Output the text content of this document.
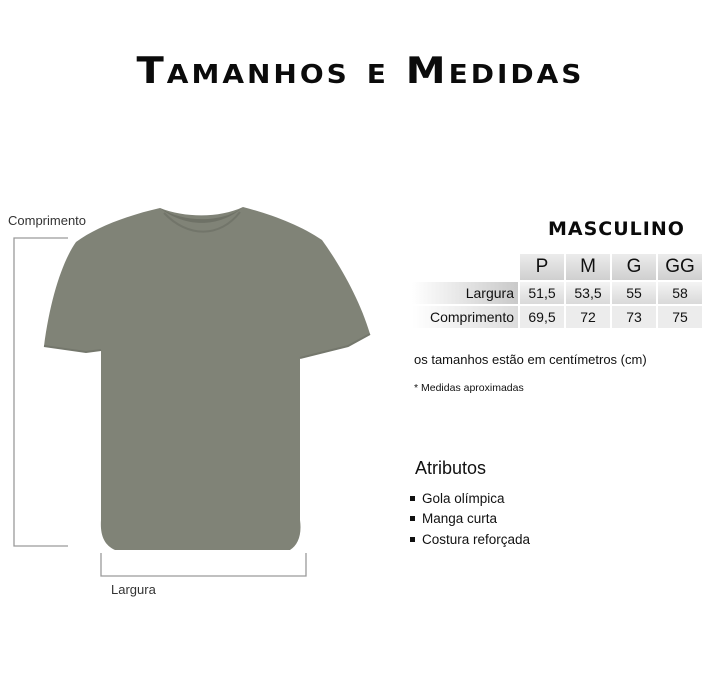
Tamanhos e Medidas
Comprimento
Largura
MASCULINO
	P	M	G	GG
Largura	51,5	53,5	55	58
Comprimento	69,5	72	73	75
os tamanhos estão em centímetros (cm)
* Medidas aproximadas
Atributos
Gola olímpica
Manga curta
Costura reforçada
